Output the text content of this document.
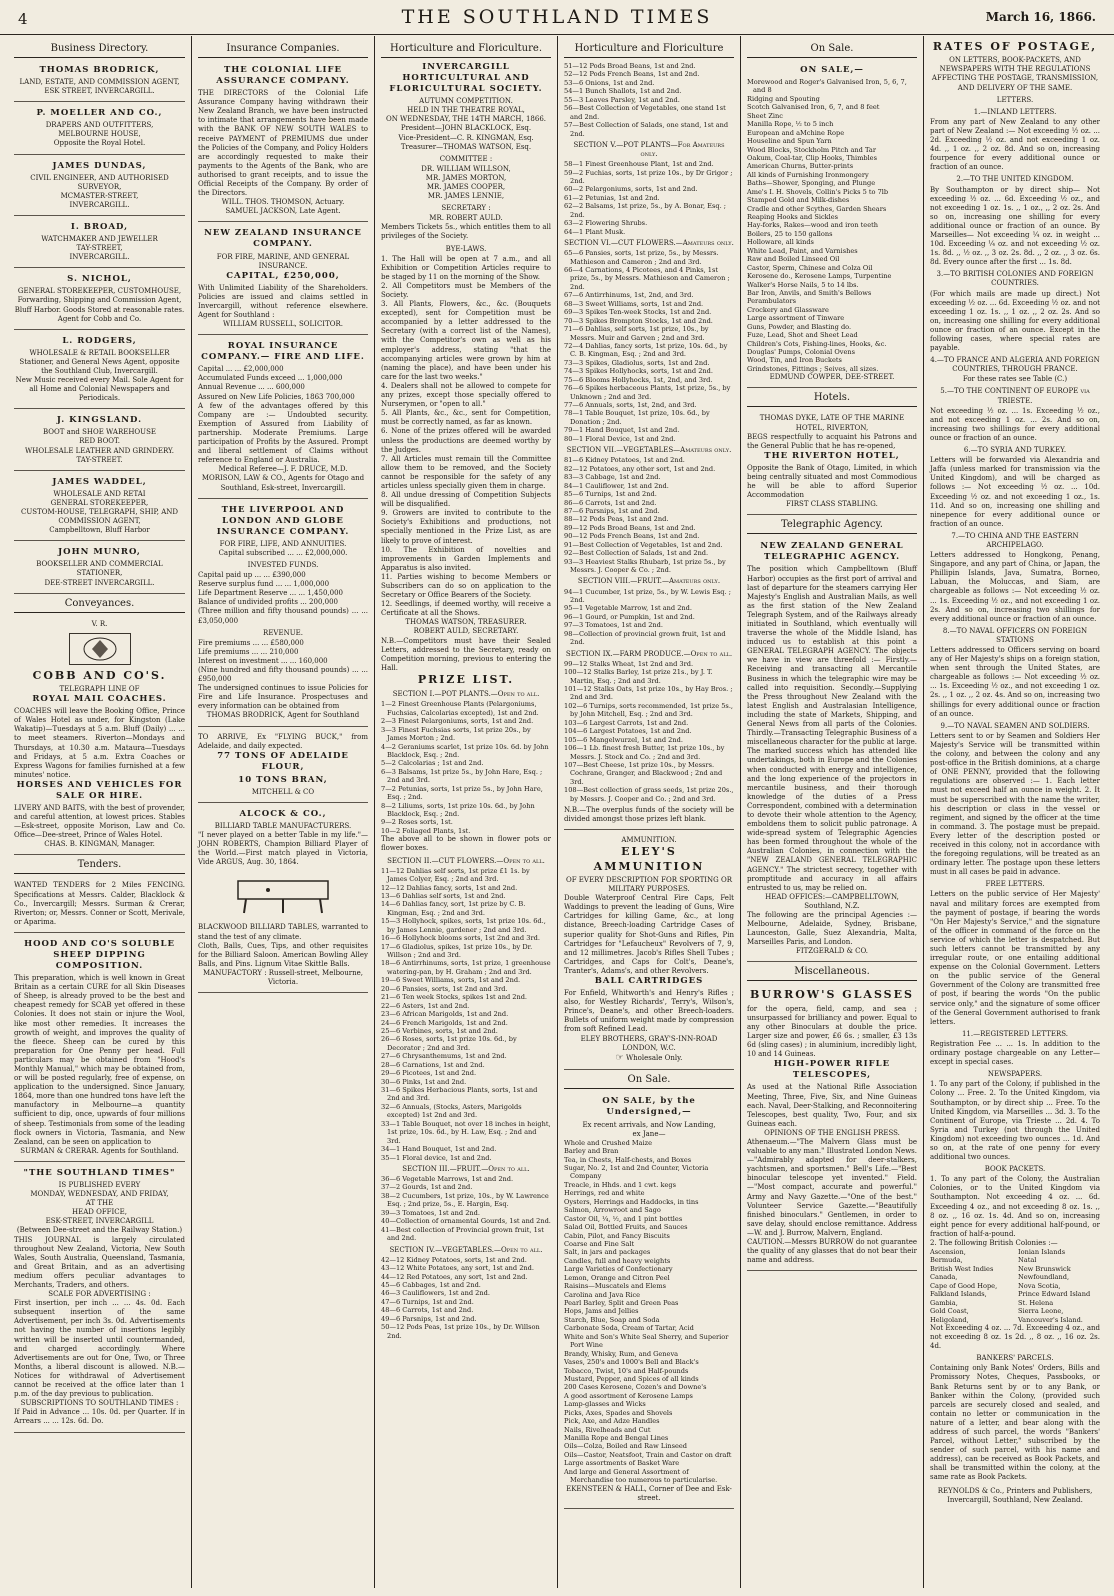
4	THE SOUTHLAND TIMES	March 16, 1866.
Business Directory.
THOMAS BRODRICK,
LAND, ESTATE, AND COMMISSION AGENT,
ESK STREET, INVERCARGILL.
P. MOELLER AND CO.,
DRAPERS AND OUTFITTERS,
MELBOURNE HOUSE,
Opposite the Royal Hotel.
JAMES DUNDAS,
CIVIL ENGINEER, AND AUTHORISED SURVEYOR,
MCMASTER-STREET,
INVERCARGILL.
I. BROAD,
WATCHMAKER AND JEWELLER
TAY-STREET,
INVERCARGILL.
S. NICHOL,
GENERAL STOREKEEPER, CUSTOMHOUSE, Forwarding, Shipping and Commission Agent, Bluff Harbor. Goods Stored at reasonable rates. Agent for Cobb and Co.
L. RODGERS,
WHOLESALE & RETAIL BOOKSELLER Stationer, and General News Agent, opposite the Southland Club, Invercargill.
New Music received every Mail. Sole Agent for all Home and Colonial Newspapers and Periodicals.
J. KINGSLAND.
BOOT and SHOE WAREHOUSE
RED BOOT.
WHOLESALE LEATHER AND GRINDERY.
TAY-STREET.
JAMES WADDEL,
WHOLESALE AND RETAI
GENERAL STOREKEEPER,
CUSTOM-HOUSE, TELEGRAPH, SHIP, AND COMMISSION AGENT,
Campbelltown, Bluff Harbor
JOHN MUNRO,
BOOKSELLER AND COMMERCIAL
STATIONER,
DEE-STREET INVERCARGILL.
Conveyances.
V. R.
COBB AND CO'S.
TELEGRAPH LINE OF
ROYAL MAIL COACHES.
COACHES will leave the Booking Office, Prince of Wales Hotel as under, for Kingston (Lake Wakatip)—Tuesdays at 5 a.m. Bluff (Daily) ... ... to meet steamers. Riverton—Mondays and Thursdays, at 10.30 a.m. Mataura—Tuesdays and Fridays, at 5 a.m. Extra Coaches or Express Wagons for families furnished at a few minutes' notice.
HORSES AND VEHICLES FOR SALE OR HIRE.
LIVERY AND BAITS, with the best of provender, and careful attention, at lowest prices. Stables—Esk-street, opposite Morison, Law and Co. Office—Dee-street, Prince of Wales Hotel.
CHAS. B. KINGMAN, Manager.
Tenders.
WANTED TENDERS for 2 Miles FENCING. Specifications at Messrs. Calder, Blacklock & Co., Invercargill; Messrs. Surman & Crerar, Riverton; or, Messrs. Conner or Scott, Merivale, or Aparima.
HOOD AND CO'S SOLUBLE SHEEP DIPPING COMPOSITION.
This preparation, which is well known in Great Britain as a certain CURE for all Skin Diseases of Sheep, is already proved to be the best and cheapest remedy for SCAB yet offered in these Colonies. It does not stain or injure the Wool, like most other remedies. It increases the growth of weight, and improves the quality of the fleece. Sheep can be cured by this preparation for One Penny per head. Full particulars may be obtained from "Hood's Monthly Manual," which may be obtained from, or will be posted regularly, free of expense, on application to the undersigned. Since January, 1864, more than one hundred tons have left the manufactory in Melbourne—a quantity sufficient to dip, once, upwards of four millions of sheep. Testimonials from some of the leading flock owners in Victoria, Tasmania, and New Zealand, can be seen on application to
SURMAN & CRERAR. Agents for Southland.
"THE SOUTHLAND TIMES"
IS PUBLISHED EVERY
MONDAY, WEDNESDAY, AND FRIDAY,
AT THE
HEAD OFFICE,
ESK-STREET, INVERCARGILL
(Between Dee-street and the Railway Station.)
THIS JOURNAL is largely circulated throughout New Zealand, Victoria, New South Wales, South Australia, Queensland, Tasmania, and Great Britain, and as an advertising medium offers peculiar advantages to Merchants, Traders, and others.
SCALE FOR ADVERTISING :
First insertion, per inch ... ... 4s. 0d. Each subsequent insertion of the same Advertisement, per inch 3s. 0d. Advertisements not having the number of insertions legibly written will be inserted until countermanded, and charged accordingly. Where Advertisements are out for One, Two, or Three Months, a liberal discount is allowed. N.B.—Notices for withdrawal of Advertisement cannot be received at the office later than 1 p.m. of the day previous to publication.
SUBSCRIPTIONS TO SOUTHLAND TIMES :
If Paid in Advance ... 10s. 0d. per Quarter. If in Arrears ... ... 12s. 6d. Do.
Insurance Companies.
THE COLONIAL LIFE ASSURANCE COMPANY.
THE DIRECTORS of the Colonial Life Assurance Company having withdrawn their New Zealand Branch, we have been instructed to intimate that arrangements have been made with the BANK OF NEW SOUTH WALES to receive PAYMENT of PREMIUMS due under the Policies of the Company, and Policy Holders are accordingly requested to make their payments to the Agents of the Bank, who are authorised to grant receipts, and to issue the Official Receipts of the Company. By order of the Directors.
WILL. THOS. THOMSON, Actuary.
SAMUEL JACKSON, Late Agent.
NEW ZEALAND INSURANCE COMPANY.
FOR FIRE, MARINE, AND GENERAL INSURANCE.
CAPITAL, £250,000,
With Unlimited Liability of the Shareholders. Policies are issued and claims settled in Invercargill, without reference elsewhere. Agent for Southland :
WILLIAM RUSSELL, SOLICITOR.
ROYAL INSURANCE COMPANY.— FIRE AND LIFE.
Capital ... ... £2,000,000
Accumulated Funds exceed ... 1,000,000
Annual Revenue ... ... 600,000
Assured on New Life Policies, 1863 700,000
A few of the advantages offered by this Company are :— Undoubted security. Exemption of Assured from Liability of partnership. Moderate Premiums. Large participation of Profits by the Assured. Prompt and liberal settlement of Claims without reference to England or Australia.
Medical Referee—J. F. DRUCE, M.D.
MORISON, LAW & CO., Agents for Otago and Southland, Esk-street, Invercargill.
THE LIVERPOOL AND LONDON AND GLOBE INSURANCE COMPANY.
FOR FIRE, LIFE, AND ANNUITIES.
Capital subscribed ... ... £2,000,000.
INVESTED FUNDS.
Capital paid up ... ... £390,000
Reserve surplus fund ... ... 1,000,000
Life Department Reserve ... ... 1,450,000
Balance of undivided profits ... 200,000
(Three million and fifty thousand pounds) ... ... £3,050,000
REVENUE.
Fire premiums ... ... £580,000
Life premiums ... ... 210,000
Interest on investment ... ... 160,000
(Nine hundred and fifty thousand pounds) ... ... £950,000
The undersigned continues to issue Policies for Fire and Life Insurance. Prospectuses and every information can be obtained from
THOMAS BRODRICK, Agent for Southland
TO ARRIVE, Ex "FLYING BUCK," from Adelaide, and daily expected.
77 TONS OF ADELAIDE FLOUR,
10 TONS BRAN,
MITCHELL & CO
ALCOCK & CO.,
BILLIARD TABLE MANUFACTURERS.
"I never played on a better Table in my life."—JOHN ROBERTS, Champion Billiard Player of the World.—First match played in Victoria, Vide ARGUS, Aug. 30, 1864.
BLACKWOOD BILLIARD TABLES, warranted to stand the test of any climate.
Cloth, Balls, Cues, Tips, and other requisites for the Billiard Saloon. American Bowling Alley Balls, and Pins. Lignum Vitae Skittle Balls.
MANUFACTORY : Russell-street, Melbourne, Victoria.
Horticulture and Floriculture.
INVERCARGILL HORTICULTURAL AND FLORICULTURAL SOCIETY.
AUTUMN COMPETITION.
HELD IN THE THEATRE ROYAL,
ON WEDNESDAY, THE 14TH MARCH, 1866.
President—JOHN BLACKLOCK, Esq.
Vice-President—C. R. KINGMAN, Esq.
Treasurer—THOMAS WATSON, Esq.
COMMITTEE :
DR. WILLIAM WILLSON,
MR. JAMES MORTON,
MR. JAMES COOPER,
MR. JAMES LENNIE,
SECRETARY :
MR. ROBERT AULD.
Members Tickets 5s., which entitles them to all privileges of the Society.
BYE-LAWS.
1. The Hall will be open at 7 a.m., and all Exhibition or Competition Articles require to be staged by 11 on the morning of the Show.
2. All Competitors must be Members of the Society.
3. All Plants, Flowers, &c., &c. (Bouquets excepted), sent for Competition must be accompanied by a letter addressed to the Secretary (with a correct list of the Names), with the Competitor's own as well as his employer's address, stating "that the accompanying articles were grown by him at (naming the place), and have been under his care for the last two weeks."
4. Dealers shall not be allowed to compete for any prizes, except those specially offered to Nurserymen, or "open to all."
5. All Plants, &c., &c., sent for Competition, must be correctly named, as far as known.
6. None of the prizes offered will be awarded unless the productions are deemed worthy by the Judges.
7. All Articles must remain till the Committee allow them to be removed, and the Society cannot be responsible for the safety of any articles unless specially given them in charge.
8. All undue dressing of Competition Subjects will be disqualified.
9. Growers are invited to contribute to the Society's Exhibitions and productions, not specially mentioned in the Prize List, as are likely to prove of interest.
10. The Exhibition of novelties and improvements in Garden Implements and Apparatus is also invited.
11. Parties wishing to become Members or Subscribers can do so on application to the Secretary or Office Bearers of the Society.
12. Seedlings, if deemed worthy, will receive a Certificate at all the Shows.
THOMAS WATSON, TREASURER.
ROBERT AULD, SECRETARY.
N.B.—Competitors must have their Sealed Letters, addressed to the Secretary, ready on Competition morning, previous to entering the Hall.
PRIZE LIST.
SECTION I.—POT PLANTS.—Open to all.
1—2 Finest Greenhouse Plants (Pelargoniums, Fuchsias, Calcolarias excepted), 1st and 2nd.
2—3 Finest Pelargoniums, sorts, 1st and 2nd.
3—3 Finest Fuchsias sorts, 1st prize 20s., by James Morton ; 2nd.
4—2 Geraniums scarlet, 1st prize 10s. 6d. by John Blacklock, Esq. ; 2nd.
5—2 Calcolarias ; 1st and 2nd.
6—3 Balsams, 1st prize 5s., by John Hare, Esq. ; 2nd and 3rd.
7—2 Petunias, sorts, 1st prize 5s., by John Hare, Esq. ; 2nd.
8—2 Liliums, sorts, 1st prize 10s. 6d., by John Blacklock, Esq. ; 2nd.
9—2 Roses sorts, 1st.
10—2 Foliaged Plants, 1st.
The above all to be shown in flower pots or flower boxes.
SECTION II.—CUT FLOWERS.—Open to all.
11—12 Dahlias self sorts, 1st prize £1 1s. by James Colyer, Esq. ; 2nd and 3rd.
12—12 Dahlias fancy, sorts, 1st and 2nd.
13—6 Dahlias self sorts, 1st and 2nd.
14—6 Dahlias fancy, sort, 1st prize by C. B. Kingman, Esq. ; 2nd and 3rd.
15—3 Hollyhock, spikes, sorts, 1st prize 10s. 6d., by James Lennie, gardener ; 2nd and 3rd.
16—6 Hollyhock blooms sorts, 1st 2nd and 3rd.
17—6 Gladiolus, spikes, 1st prize 10s., by Dr. Willson ; 2nd and 3rd.
18—6 Antirrhinums, sorts, 1st prize, 1 greenhouse watering-pan, by H. Graham ; 2nd and 3rd.
19—6 Sweet Williams, sorts, 1st and 2nd.
20—6 Pansies, sorts, 1st 2nd and 3rd.
21—6 Ten week Stocks, spikes 1st and 2nd.
22—6 Asters, 1st and 2nd.
23—6 African Marigolds, 1st and 2nd.
24—6 French Marigolds, 1st and 2nd.
25—6 Verbines, sorts, 1st and 2nd.
26—6 Roses, sorts, 1st prize 10s. 6d., by Decorator ; 2nd and 3rd.
27—6 Chrysanthemums, 1st and 2nd.
28—6 Carnations, 1st and 2nd.
29—6 Picotees, 1st and 2nd.
30—6 Pinks, 1st and 2nd.
31—6 Spikes Herbacious Plants, sorts, 1st and 2nd and 3rd.
32—6 Annuals, (Stocks, Asters, Marigolds excepted) 1st 2nd and 3rd.
33—1 Table Bouquet, not over 18 inches in height, 1st prize, 10s. 6d., by H. Law, Esq. ; 2nd and 3rd.
34—1 Hand Bouquet, 1st and 2nd.
35—1 Floral device, 1st and 2nd.
SECTION III.—FRUIT.—Open to all.
36—6 Vegetable Marrows, 1st and 2nd.
37—2 Gourds, 1st and 2nd.
38—2 Cucumbers, 1st prize, 10s., by W. Lawrence Esq. ; 2nd prize, 5s., E. Hargin, Esq.
39—3 Tomatoes, 1st and 2nd.
40—Collection of ornamental Gourds, 1st and 2nd.
41—Best collection of Provincial grown fruit, 1st and 2nd.
SECTION IV.—VEGETABLES.—Open to all.
42—12 Kidney Potatoes, sorts, 1st and 2nd.
43—12 White Potatoes, any sort, 1st and 2nd.
44—12 Red Potatoes, any sort, 1st and 2nd.
45—6 Cabbages, 1st and 2nd.
46—3 Cauliflowers, 1st and 2nd.
47—6 Turnips, 1st and 2nd.
48—6 Carrots, 1st and 2nd.
49—6 Parsnips, 1st and 2nd.
50—12 Pods Peas, 1st prize 10s., by Dr. Willson 2nd.
Horticulture and Floriculture
51—12 Pods Broad Beans, 1st and 2nd.
52—12 Pods French Beans, 1st and 2nd.
53—6 Onions, 1st and 2nd.
54—1 Bunch Shallots, 1st and 2nd.
55—3 Leaves Parsley, 1st and 2nd.
56—Best Collection of Vegetables, one stand 1st and 2nd.
57—Best Collection of Salads, one stand, 1st and 2nd.
SECTION V.—POT PLANTS—For Amateurs only.
58—1 Finest Greenhouse Plant, 1st and 2nd.
59—2 Fuchias, sorts, 1st prize 10s., by Dr Grigor ; 2nd.
60—2 Pelargoniums, sorts, 1st and 2nd.
61—2 Petunias, 1st and 2nd.
62—2 Balsams, 1st prize, 5s., by A. Bonar, Esq. ; 2nd.
63—2 Flowering Shrubs.
64—1 Plant Musk.
SECTION VI.—CUT FLOWERS.—Amateurs only.
65—6 Pansies, sorts, 1st prize, 5s., by Messrs. Mathieson and Cameron ; 2nd and 3rd.
66—4 Carnations, 4 Picotees, and 4 Pinks, 1st prize, 5s., by Messrs. Mathieson and Cameron ; 2nd.
67—6 Antirrhinums, 1st, 2nd, and 3rd.
68—3 Sweet Williams, sorts, 1st and 2nd.
69—3 Spikes Ten-week Stocks, 1st and 2nd.
70—3 Spikes Brompton Stocks, 1st and 2nd.
71—6 Dahlias, self sorts, 1st prize, 10s., by Messrs. Muir and Garven ; 2nd and 3rd.
72—4 Dahlias, fancy sorts, 1st prize, 10s. 6d., by C. B. Kingman, Esq. ; 2nd and 3rd.
73—3 Spikes, Gladiolus, sorts, 1st and 2nd.
74—3 Spikes Hollyhocks, sorts, 1st and 2nd.
75—6 Blooms Hollyhocks, 1st, 2nd, and 3rd.
76—6 Spikes herbaceous Plants, 1st prize, 5s., by Unknown ; 2nd and 3rd.
77—6 Annuals, sorts, 1st, 2nd, and 3rd.
78—1 Table Bouquet, 1st prize, 10s. 6d., by Donation ; 2nd.
79—1 Hand Bouquet, 1st and 2nd.
80—1 Floral Device, 1st and 2nd.
SECTION VII.—VEGETABLES—Amateurs only.
81—6 Kidney Potatoes, 1st and 2nd.
82—12 Potatoes, any other sort, 1st and 2nd.
83—3 Cabbage, 1st and 2nd.
84—1 Cauliflower, 1st and 2nd.
85—6 Turnips, 1st and 2nd.
86—6 Carrots, 1st and 2nd.
87—6 Parsnips, 1st and 2nd.
88—12 Pods Peas, 1st and 2nd.
89—12 Pods Broad Beans, 1st and 2nd.
90—12 Pods French Beans, 1st and 2nd.
91—Best Collection of Vegetables, 1st and 2nd.
92—Best Collection of Salads, 1st and 2nd.
93—3 Heaviest Stalks Rhubarb, 1st prize 5s., by Messrs. J. Cooper & Co. ; 2nd.
SECTION VIII.—FRUIT.—Amateurs only.
94—1 Cucumber, 1st prize, 5s., by W. Lewis Esq. ; 2nd.
95—1 Vegetable Marrow, 1st and 2nd.
96—1 Gourd, or Pumpkin, 1st and 2nd.
97—3 Tomatoes, 1st and 2nd.
98—Collection of provincial grown fruit, 1st and 2nd.
SECTION IX.—FARM PRODUCE.—Open to all.
99—12 Stalks Wheat, 1st 2nd and 3rd.
100—12 Stalks Barley, 1st prize 21s., by J. T. Martin, Esq. ; 2nd and 3rd.
101—12 Stalks Oats, 1st prize 10s., by Hay Bros. ; 2nd and 3rd.
102—6 Turnips, sorts recommended, 1st prize 5s., by John Mitchell, Esq. ; 2nd and 3rd.
103—6 Largest Carrots, 1st and 2nd.
104—6 Largest Potatoes, 1st and 2nd.
105—6 Mangelwurzel, 1st and 2nd.
106—1 Lb. finest fresh Butter, 1st prize 10s., by Messrs. J. Stock and Co. ; 2nd and 3rd.
107—Best Cheese, 1st prize 10s., by Messrs. Cochrane, Granger, and Blackwood ; 2nd and 3rd.
108—Best collection of grass seeds, 1st prize 20s., by Messrs. J. Cooper and Co. ; 2nd and 3rd.
N.B.—The overplus funds of the society will be divided amongst those prizes left blank.
AMMUNITION.
ELEY'S AMMUNITION
OF EVERY DESCRIPTION FOR SPORTING OR MILITARY PURPOSES.
Double Waterproof Central Fire Caps, Felt Waddings to prevent the leading of Guns, Wire Cartridges for killing Game, &c., at long distance, Breech-loading Cartridge Cases of superior quality for Shot-Guns and Rifles, Pin Cartridges for "Lefaucheux" Revolvers of 7, 9, and 12 millimetres. Jacob's Rifles Shell Tubes ; Cartridges, and Caps for Colt's, Deane's, Tranter's, Adams's, and other Revolvers.
BALL CARTRIDGES
For Enfield, Whitworth's and Henry's Rifles ; also, for Westley Richards', Terry's, Wilson's, Prince's, Deane's, and other Breech-loaders. Bullets of uniform weight made by compression from soft Refined Lead.
ELEY BROTHERS, GRAY'S-INN-ROAD LONDON, W.C.
☞ Wholesale Only.
On Sale.
ON SALE, by the Undersigned,—
Ex recent arrivals, and Now Landing,
ex Jane—
Whole and Crushed Maize
Barley and Bran
Tea, in Chests, Half-chests, and Boxes
Sugar, No. 2, 1st and 2nd Counter, Victoria Company
Treacle, in Hhds. and 1 cwt. kegs
Herrings, red and white
Oysters, Herrings and Haddocks, in tins
Salmon, Arrowroot and Sago
Castor Oil, ¼, ½, and 1 pint bottles
Salad Oil, Bottled Fruits, and Sauces
Cabin, Pilot, and Fancy Biscuits
Coarse and Fine Salt
Salt, in jars and packages
Candles, full and heavy weights
Large Varieties of Confectionary
Lemon, Orange and Citron Peel
Raisins—Muscatels and Elems
Carolina and Java Rice
Pearl Barley, Split and Green Peas
Hops, Jams and Jellies
Starch, Blue, Soap and Soda
Carbonate Soda, Cream of Tartar, Acid
White and Son's White Seal Sherry, and Superior Port Wine
Brandy, Whisky, Rum, and Geneva
Vases, 250's and 1000's Bell and Black's
Tobacco, Twist, 10's and Half-pounds
Mustard, Pepper, and Spices of all kinds
200 Cases Kerosene, Cozen's and Downe's
A good assortment of Kerosene Lamps
Lamp-glasses and Wicks
Picks, Axes, Spades and Shovels
Pick, Axe, and Adze Handles
Nails, Rivelheads and Cut
Manilla Rope and Bengal Lines
Oils—Colza, Boiled and Raw Linseed
Oils—Castor, Neatsfoot, Train and Castor on draft
Large assortments of Basket Ware
And large and General Assortment of Merchandise too numerous to particularise.
EKENSTEEN & HALL, Corner of Dee and Esk-street.
On Sale.
ON SALE,—
Morewood and Roger's Galvanised Iron, 5, 6, 7, and 8
Ridging and Spouting
Scotch Galvanised Iron, 6, 7, and 8 feet
Sheet Zinc
Manilla Rope, ½ to 5 inch
European and aMchine Rope
Houseline and Spun Yarn
Wood Blocks, Stockholm Pitch and Tar
Oakum, Coal-tar, Clip Hooks, Thimbles
American Churns, Butter-prints
All kinds of Furnishing Ironmongery
Baths—Shower, Sponging, and Plunge
Ame's I. H. Shovels, Collin's Picks 5 to 7lb
Stamped Gold and Milk-dishes
Cradle and other Scythes, Garden Shears
Reaping Hooks and Sickles
Hay-forks, Rakes—wood and iron teeth
Boilers, 25 to 150 gallons
Holloware, all kinds
White Lead, Paint, and Varnishes
Raw and Boiled Linseed Oil
Castor, Sperm, Chinese and Colza Oil
Kerosene do., Kerosene Lamps, Turpentine
Walker's Horse Nails, 5 to 14 lbs.
Bar Iron, Anvils, and Smith's Bellows
Perambulators
Crockery and Glassware
Large assortment of Tinware
Guns, Powder, and Blasting do.
Fuze, Lead, Shot and Sheet Lead
Children's Cots, Fishing-lines, Hooks, &c.
Douglas' Pumps, Colonial Ovens
Wood, Tin, and Iron Buckets
Grindstones, Fittings ; Seives, all sizes.
EDMUND COWPER, DEE-STREET.
Hotels.
THOMAS DYKE, LATE OF THE MARINE HOTEL, RIVERTON,
BEGS respectfully to acquaint his Patrons and the General Public that he has re-opened,
THE RIVERTON HOTEL,
Opposite the Bank of Otago, Limited, in which being centrally situated and most Commodious he will be able to afford Superior Accommodation
FIRST CLASS STABLING.
Telegraphic Agency.
NEW ZEALAND GENERAL TELEGRAPHIC AGENCY.
The position which Campbelltown (Bluff Harbor) occupies as the first port of arrival and last of departure for the steamers carrying Her Majesty's English and Australian Mails, as well as the first station of the New Zealand Telegraph System, and of the Railways already initiated in Southland, which eventually will traverse the whole of the Middle Island, has induced us to establish at this point a GENERAL TELEGRAPH AGENCY. The objects we have in view are threefold :— Firstly.—Receiving and transacting all Mercantile Business in which the telegraphic wire may be called into requisition. Secondly.—Supplying the Press throughout New Zealand with the latest English and Australasian Intelligence, including the state of Markets, Shipping, and General News from all parts of the Colonies. Thirdly.—Transacting Telegraphic Business of a miscellaneous character for the public at large. The marked success which has attended like undertakings, both in Europe and the Colonies when conducted with energy and intelligence, and the long experience of the projectors in mercantile business, and their thorough knowledge of the duties of a Press Correspondent, combined with a determination to devote their whole attention to the Agency, emboldens them to solicit public patronage. A wide-spread system of Telegraphic Agencies has been formed throughout the whole of the Australian Colonies, in connection with the "NEW ZEALAND GENERAL TELEGRAPHIC AGENCY." The strictest secrecy, together with promptitude and accuracy in all affairs entrusted to us, may be relied on.
HEAD OFFICES:—CAMPBELLTOWN, Southland, N.Z.
The following are the principal Agencies :— Melbourne, Adelaide, Sydney, Brisbane, Launceston, Galle, Suez Alexandria, Malta, Marseilles Paris, and London.
FITZGERALD & CO.
Miscellaneous.
BURROW'S GLASSES
for the opera, field, camp, and sea ; unsurpassed for brilliancy and power. Equal to any other Binoculars at double the price. Larger size and power, £6 6s. ; smaller, £3 13s 6d (sling cases) ; in aluminium, incredibly light, 10 and 14 Guineas.
HIGH-POWER RIFLE TELESCOPES,
As used at the National Rifle Association Meeting, Three, Five, Six, and Nine Guineas each. Naval, Deer-Stalking, and Reconnoitering Telescopes, best quality, Two, Four, and six Guineas each.
OPINIONS OF THE ENGLISH PRESS.
Athenaeum.—"The Malvern Glass must be valuable to any man." Illustrated London News.—"Admirably adapted for deer-stalkers, yachtsmen, and sportsmen." Bell's Life.—"Best binocular telescope yet invented." Field.—"Most compact, accurate and powerful." Army and Navy Gazette.—"One of the best." Volunteer Service Gazette.—"Beautifully finished binoculars." Gentlemen, in order to save delay, should enclose remittance. Address—W. and J. Burrow, Malvern, England.
CAUTION.—Messrs BURROW do not guarantee the quality of any glasses that do not bear their name and address.
RATES OF POSTAGE,
ON LETTERS, BOOK-PACKETS, AND NEWSPAPERS WITH THE REGULATIONS AFFECTING THE POSTAGE, TRANSMISSION, AND DELIVERY OF THE SAME.
LETTERS.
1.—INLAND LETTERS.
From any part of New Zealand to any other part of New Zealand :— Not exceeding ½ oz. ... 2d. Exceeding ½ oz. and not exceeding 1 oz. 4d. ,, 1 oz. ,, 2 oz. 8d. And so on, increasing fourpence for every additional ounce or fraction of an ounce.
2.—TO THE UNITED KINGDOM.
By Southampton or by direct ship— Not exceeding ½ oz. ... 6d. Exceeding ½ oz., and not exceeding 1 oz. 1s. ,, 1 oz., ,, 2 oz. 2s. And so on, increasing one shilling for every additional ounce or fraction of an ounce. By Marseilles— Not exceeding ¼ oz. in weight ... 10d. Exceeding ¼ oz. and not exceeding ½ oz. 1s. 8d. ,, ½ oz. ,, 3 oz. 2s. 8d. ,, 2 oz. ,, 3 oz. 6s. 8d. Every ounce after the first ... 1s. 8d.
3.—TO BRITISH COLONIES AND FOREIGN COUNTRIES.
(For which mails are made up direct.) Not exceeding ½ oz. ... 6d. Exceeding ½ oz. and not exceeding 1 oz. 1s. ,, 1 oz. ,, 2 oz. 2s. And so on, increasing one shilling for every additional ounce or fraction of an ounce. Except in the following cases, where special rates are payable.
4.—TO FRANCE AND ALGERIA AND FOREIGN COUNTRIES, THROUGH FRANCE.
For these rates see Table (C.)
5.—TO THE CONTINENT OF EUROPE via TRIESTE.
Not exceeding ½ oz. ... 1s. Exceeding ½ oz., and not exceeding 1 oz. ... 2s. And so on, increasing two shillings for every additional ounce or fraction of an ounce.
6.—TO SYRIA AND TURKEY.
Letters will be forwarded via Alexandria and Jaffa (unless marked for transmission via the United Kingdom), and will be charged as follows :— Not exceeding ½ oz. ... 10d. Exceeding ½ oz. and not exceeding 1 oz., 1s. 11d. And so on, increasing one shilling and ninepence for every additional ounce or fraction of an ounce.
7.—TO CHINA AND THE EASTERN ARCHIPELAGO.
Letters addressed to Hongkong, Penang, Singapore, and any part of China, or Japan, the Phillipin Islands, Java, Sumatra, Borneo, Labuan, the Moluccas, and Siam, are chargeable as follows :— Not exceeding ½ oz. ... 1s. Exceeding ½ oz., and not exceeding 1 oz. 2s. And so on, increasing two shillings for every additional ounce or fraction of an ounce.
8.—TO NAVAL OFFICERS ON FOREIGN STATIONS
Letters addressed to Officers serving on board any of Her Majesty's ships on a foreign station, when sent through the United States, are chargeable as follows :— Not exceeding ½ oz. ... 1s. Exceeding ½ oz., and not exceeding 1 oz. 2s. ,, 1 oz. ,, 2 oz. 4s. And so on, increasing two shillings for every additional ounce or fraction of an ounce.
9.—TO NAVAL SEAMEN AND SOLDIERS.
Letters sent to or by Seamen and Soldiers Her Majesty's Service will be transmitted within the colony, and between the colony and any post-office in the British dominions, at a charge of ONE PENNY, provided that the following regulations are observed :— 1. Each letter must not exceed half an ounce in weight. 2. It must be superscribed with the name the writer, his description or class in the vessel or regiment, and signed by the officer at the time in command. 3. The postage must be prepaid. Every letter of the description posted or received in this colony, not in accordance with the foregoing regulations, will be treated as an ordinary letter. The postage upon these letters must in all cases be paid in advance.
FREE LETTERS.
Letters on the public service of Her Majesty' naval and military forces are exempted from the payment of postage, if bearing the words "On Her Majesty's Service," and the signature of the officer in command of the force on the service of which the letter is despatched. But such letters cannot be transmitted by any irregular route, or one entailing additional expense on the Colonial Government. Letters on the public service of the General Government of the Colony are transmitted free of post, if bearing the words "On the public service only," and the signature of some officer of the General Government authorised to frank letters.
11.—REGISTERED LETTERS.
Registration Fee ... ... 1s. In addition to the ordinary postage chargeable on any Letter—except in special cases.
NEWSPAPERS.
1. To any part of the Colony, if published in the Colony ... Free. 2. To the United Kingdom, via Southampton, or by direct ship ... Free. To the United Kingdom, via Marseilles ... 3d. 3. To the Continent of Europe, via Trieste ... 2d. 4. To Syria and Turkey (not through the United Kingdom) not exceeding two ounces ... 1d. And so on, at the rate of one penny for every additional two ounces.
BOOK PACKETS.
1. To any part of the Colony, the Australian Colonies, or to the United Kingdom via Southampton. Not exceeding 4 oz. ... 6d. Exceeding 4 oz., and not exceeding 8 oz. 1s. ,, 8 oz. ,, 16 oz. 1s. 4d. And so on, increasing eight pence for every additional half-pound, or fraction of half-a-pound.
2. The following British Colonies :—
Ascension,
Bermuda,
British West Indies
Canada,
Cape of Good Hope,
Falkland Islands,
Gambia,
Gold Coast,
Heligoland,
Ionian Islands
Natal
New Brunswick
Newfoundland,
Nova Scotia,
Prince Edward Island
St. Helena
Sierra Leone,
Vancouver's Island.
Not Exceeding 4 oz. ... 7d. Exceeding 4 oz., and not exceeding 8 oz. 1s 2d. ,, 8 oz. ,, 16 oz. 2s. 4d.
BANKERS' PARCELS.
Containing only Bank Notes' Orders, Bills and Promissory Notes, Cheques, Passbooks, or Bank Returns sent by or to any Bank, or Banker within the Colony, (provided such parcels are securely closed and sealed, and contain no letter or communication in the nature of a letter, and bear along with the address of such parcel, the words "Bankers' Parcel, without Letter," subscribed by the sender of such parcel, with his name and address), can be received as Book Packets, and shall be transmitted within the colony, at the same rate as Book Packets.
REYNOLDS & Co., Printers and Publishers, Invercargill, Southland, New Zealand.
